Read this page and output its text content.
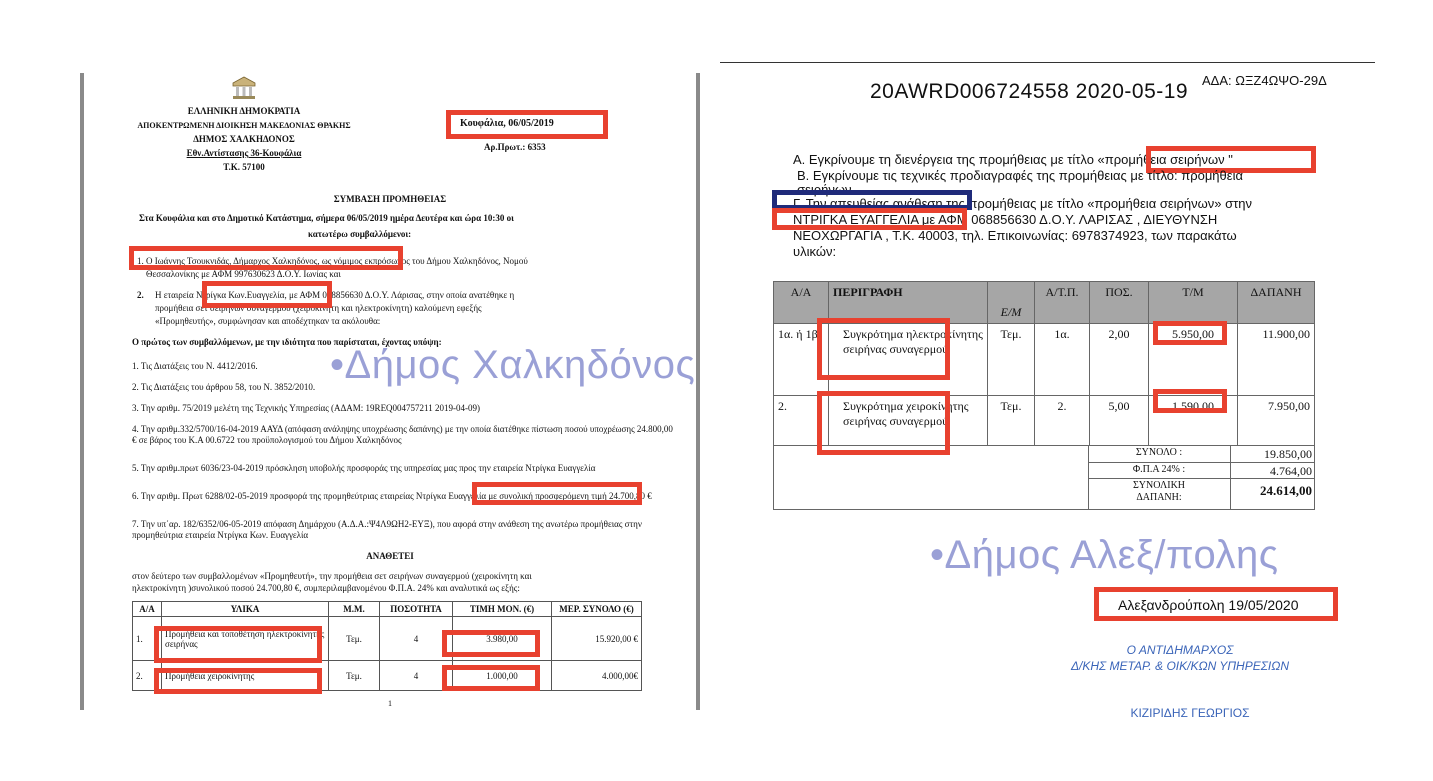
ΕΛΛΗΝΙΚΗ ΔΗΜΟΚΡΑΤΙΑ
ΑΠΟΚΕΝΤΡΩΜΕΝΗ ΔΙΟΙΚΗΣΗ ΜΑΚΕΔΟΝΙΑΣ ΘΡΑΚΗΣ
ΔΗΜΟΣ ΧΑΛΚΗΔΟΝΟΣ
Εθν.Αντίστασης 36-Κουφάλια
Τ.Κ. 57100
Κουφάλια, 06/05/2019
Αρ.Πρωτ.: 6353
ΣΥΜΒΑΣΗ ΠΡΟΜΗΘΕΙΑΣ
Στα Κουφάλια και στο Δημοτικό Κατάστημα, σήμερα 06/05/2019 ημέρα Δευτέρα και ώρα 10:30 οι
κατωτέρω συμβαλλόμενοι:
1. Ο Ιωάννης Τσουκνιδάς, Δήμαρχος Χαλκηδόνος, ως νόμιμος εκπρόσωπος του Δήμου Χαλκηδόνος, Νομού
Θεσσαλονίκης με ΑΦΜ 997630623 Δ.Ο.Υ. Ιωνίας και
2. Η εταιρεία Ντρίγκα Κων.Ευαγγελία, με ΑΦΜ 068856630 Δ.Ο.Υ. Λάρισας, στην οποία ανατέθηκε η
προμήθεια σετ σειρήνων συναγερμού (χειροκίνητη και ηλεκτροκίνητη) καλούμενη εφεξής
«Προμηθευτής», συμφώνησαν και αποδέχτηκαν τα ακόλουθα:
Ο πρώτος των συμβαλλόμενων, με την ιδιότητα που παρίσταται, έχοντας υπόψη:
1. Τις Διατάξεις του Ν. 4412/2016.
2. Τις Διατάξεις του άρθρου 58, του Ν. 3852/2010.
3. Την αριθμ. 75/2019 μελέτη της Τεχνικής Υπηρεσίας (ΑΔΑΜ: 19REQ004757211 2019-04-09)
4. Την αριθμ.332/5700/16-04-2019 ΑΑΥΔ (απόφαση ανάληψης υποχρέωσης δαπάνης) με την οποία διατέθηκε πίστωση ποσού υποχρέωσης 24.800,00 € σε βάρος του Κ.Α 00.6722 του προϋπολογισμού του Δήμου Χαλκηδόνος
5. Την αριθμ.πρωτ 6036/23-04-2019 πρόσκληση υποβολής προσφοράς της υπηρεσίας μας προς την εταιρεία Ντρίγκα Ευαγγελία
6. Την αριθμ. Πρωτ 6288/02-05-2019 προσφορά της προμηθεύτριας εταιρείας Ντρίγκα Ευαγγελία με συνολική προσφερόμενη τιμή 24.700,80 €
7. Την υπ΄αρ. 182/6352/06-05-2019 απόφαση Δημάρχου (Α.Δ.Α.:Ψ4Λ9ΩΗ2-ΕΥΞ), που αφορά στην ανάθεση της ανωτέρω προμήθειας στην προμηθεύτρια εταιρεία Ντρίγκα Κων. Ευαγγελία
ΑΝΑΘΕΤΕΙ
στον δεύτερο των συμβαλλομένων «Προμηθευτή», την προμήθεια σετ σειρήνων συναγερμού (χειροκίνητη και
ηλεκτροκίνητη )συνολικού ποσού 24.700,80 €, συμπεριλαμβανομένου Φ.Π.Α. 24% και αναλυτικά ως εξής:
Α/Α	ΥΛΙΚΑ	Μ.Μ.	ΠΟΣΟΤΗΤΑ	ΤΙΜΗ ΜΟΝ. (€)	ΜΕΡ. ΣΥΝΟΛΟ (€)
1.	Προμήθεια και τοποθέτηση ηλεκτροκίνητης σειρήνας	Τεμ.	4	3.980,00	15.920,00 €
2.	Προμήθεια χειροκίνητης	Τεμ.	4	1.000,00	4.000,00€
1
•Δήμος Χαλκηδόνος
ΑΔΑ: ΩΞΖ4ΩΨΟ-29Δ
20AWRD006724558 2020-05-19
Α. Εγκρίνουμε τη διενέργεια της προμήθειας με τίτλο «προμήθεια σειρήνων "
Β. Εγκρίνουμε τις τεχνικές προδιαγραφές της προμήθειας με τίτλο: προμήθεια
σειρήνων
Γ. Την απευθείας ανάθεση της προμήθειας με τίτλο «προμήθεια σειρήνων» στην
ΝΤΡΙΓΚΑ ΕΥΑΓΓΕΛΙΑ με ΑΦΜ 068856630 Δ.Ο.Υ. ΛΑΡΙΣΑΣ , ΔΙΕΥΘΥΝΣΗ
ΝΕΟΧΩΡΓΑΓΙΑ , Τ.Κ. 40003, τηλ. Επικοινωνίας: 6978374923, των παρακάτω
υλικών:
Α/Α	ΠΕΡΙΓΡΑΦΗ	Ε/Μ	Α/Τ.Π.	ΠΟΣ.	Τ/Μ	ΔΑΠΑΝΗ
1α. ή 1β.	Συγκρότημα ηλεκτροκίνητης σειρήνας συναγερμού	Τεμ.	1α.	2,00	5.950,00	11.900,00
2.	Συγκρότημα χειροκίνητης σειρήνας συναγερμού	Τεμ.	2.	5,00	1.590,00	7.950,00
ΣΥΝΟΛΟ :	19.850,00
Φ.Π.Α 24% :	4.764,00
ΣΥΝΟΛΙΚΗ ΔΑΠΑΝΗ:	24.614,00
•Δήμος Αλεξ/πολης
Αλεξανδρούπολη 19/05/2020
Ο ΑΝΤΙΔΗΜΑΡΧΟΣ
Δ/ΚΗΣ ΜΕΤΑΡ. & ΟΙΚ/ΚΩΝ ΥΠΗΡΕΣΙΩΝ
ΚΙΖΙΡΙΔΗΣ ΓΕΩΡΓΙΟΣ
